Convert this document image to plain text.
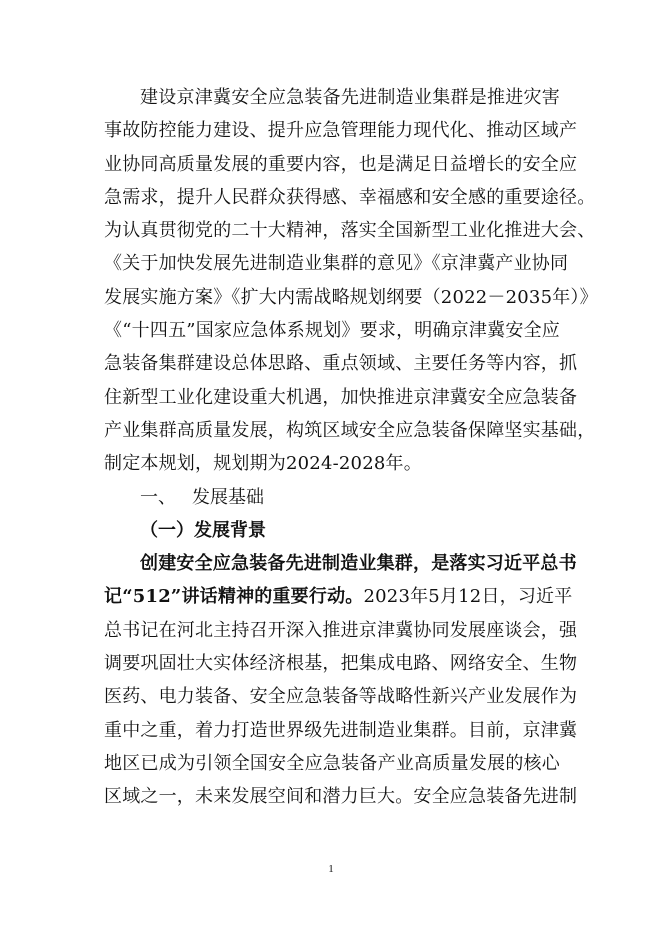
建设京津冀安全应急装备先进制造业集群是推进灾害
事故防控能力建设、提升应急管理能力现代化、推动区域产
业协同高质量发展的重要内容，也是满足日益增长的安全应
急需求，提升人民群众获得感、幸福感和安全感的重要途径。
为认真贯彻党的二十大精神，落实全国新型工业化推进大会、
《关于加快发展先进制造业集群的意见》《京津冀产业协同
发展实施方案》《扩大内需战略规划纲要（2022－2035年）》
《“十四五”国家应急体系规划》要求，明确京津冀安全应
急装备集群建设总体思路、重点领域、主要任务等内容，抓
住新型工业化建设重大机遇，加快推进京津冀安全应急装备
产业集群高质量发展，构筑区域安全应急装备保障坚实基础，
制定本规划，规划期为2024-2028年。
一、 发展基础
（一）发展背景
创建安全应急装备先进制造业集群，是落实习近平总书
记“512”讲话精神的重要行动。2023年5月12日，习近平
总书记在河北主持召开深入推进京津冀协同发展座谈会，强
调要巩固壮大实体经济根基，把集成电路、网络安全、生物
医药、电力装备、安全应急装备等战略性新兴产业发展作为
重中之重，着力打造世界级先进制造业集群。目前，京津冀
地区已成为引领全国安全应急装备产业高质量发展的核心
区域之一，未来发展空间和潜力巨大。安全应急装备先进制
1
